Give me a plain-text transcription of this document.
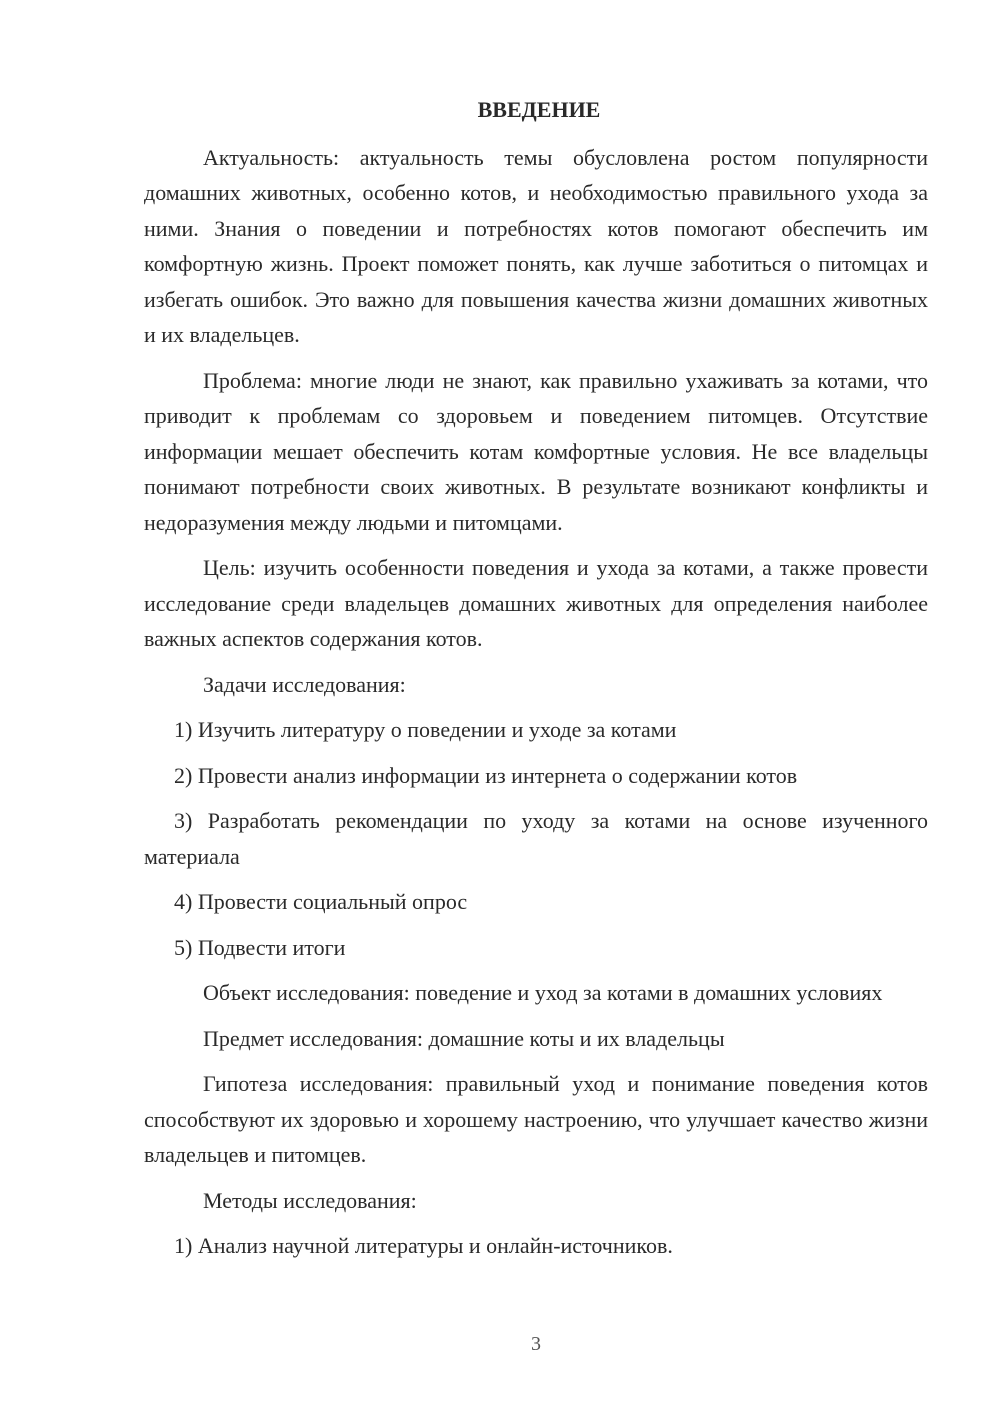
ВВЕДЕНИЕ

Актуальность: актуальность темы обусловлена ростом популярности домашних животных, особенно котов, и необходимостью правильного ухода за ними. Знания о поведении и потребностях котов помогают обеспечить им комфортную жизнь. Проект поможет понять, как лучше заботиться о питомцах и избегать ошибок. Это важно для повышения качества жизни домашних животных и их владельцев.

Проблема: многие люди не знают, как правильно ухаживать за котами, что приводит к проблемам со здоровьем и поведением питомцев. Отсутствие информации мешает обеспечить котам комфортные условия. Не все владельцы понимают потребности своих животных. В результате возникают конфликты и недоразумения между людьми и питомцами.

Цель: изучить особенности поведения и ухода за котами, а также провести исследование среди владельцев домашних животных для определения наиболее важных аспектов содержания котов.

Задачи исследования:

1) Изучить литературу о поведении и уходе за котами

2) Провести анализ информации из интернета о содержании котов

3) Разработать рекомендации по уходу за котами на основе изученного материала

4) Провести социальный опрос

5) Подвести итоги

Объект исследования: поведение и уход за котами в домашних условиях

Предмет исследования: домашние коты и их владельцы

Гипотеза исследования: правильный уход и понимание поведения котов способствуют их здоровью и хорошему настроению, что улучшает качество жизни владельцев и питомцев.

Методы исследования:

1) Анализ научной литературы и онлайн-источников.

3
